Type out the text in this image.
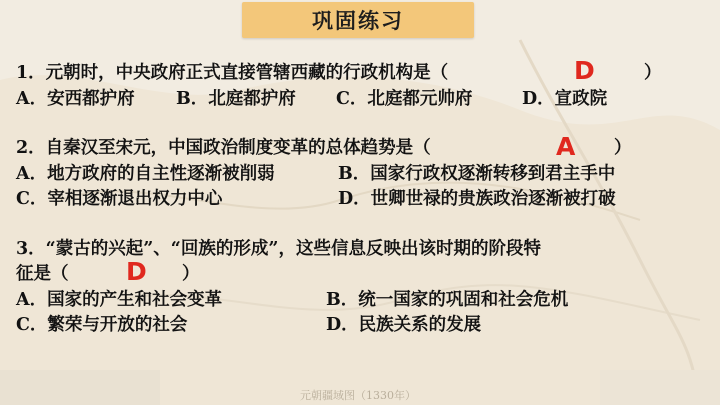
巩固练习
1．元朝时，中央政府正式直接管辖西藏的行政机构是（	）
D
A．安西都护府 B．北庭都护府 C．北庭都元帅府	D．宣政院
2．自秦汉至宋元，中国政治制度变革的总体趋势是（	）
A
A．地方政府的自主性逐渐被削弱	B．国家行政权逐渐转移到君主手中
C．宰相逐渐退出权力中心	D．世卿世禄的贵族政治逐渐被打破
3．“蒙古的兴起”、“回族的形成”，这些信息反映出该时期的阶段特
征是（	）
D
A．国家的产生和社会变革	B．统一国家的巩固和社会危机
C．繁荣与开放的社会	D．民族关系的发展
元朝疆域图（1330年）
